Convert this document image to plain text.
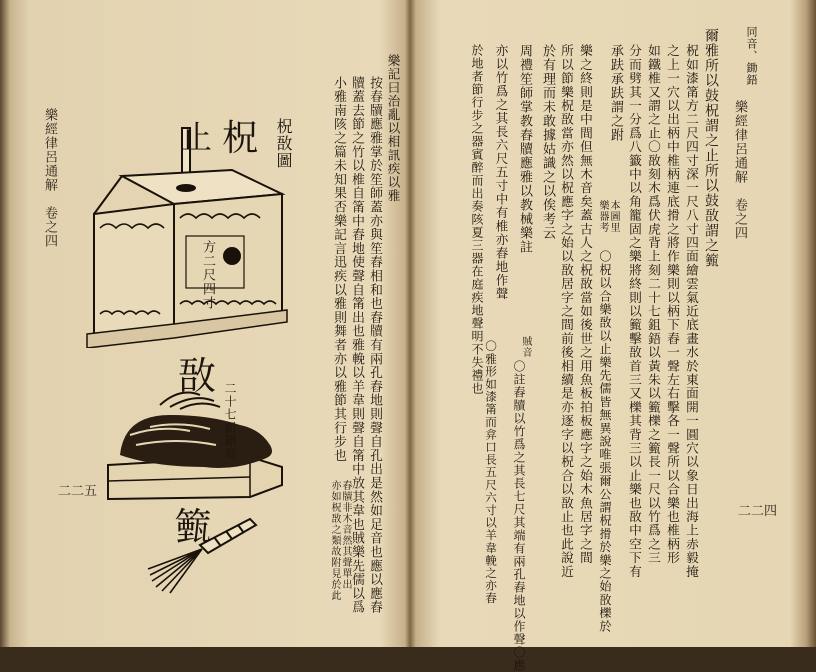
樂經律呂通解　卷之四
二二五
柷敔圖
方二尺四寸
止 柷
敔
籈
二十七鉏鋙刻
樂記曰治亂以相訊疾以雅
按春牘應雅掌於笙師蓋亦與笙舂相和也舂牘有兩孔舂地則聲自孔出是然如足音也應以應舂
牘蓋去節之竹以椎自筩中舂地使聲自筩出也雅輓以羊韋則聲自筩中放其韋也賊樂先儒以爲
小雅南陔之篇未知果否樂記言迅疾以雅則舞者亦以雅節其行步也
舂牘非木音然其聲單出
亦如柷敔之類故附見於此
同音、鋤鋙
樂經律呂通解　卷之四
二二四
爾雅所以鼓柷謂之止所以鼓敔謂之籈
柷如漆筩方二尺四寸深一尺八寸四面繪雲氣近底畫水於東面開一圓穴以象日出海上赤毅掩
之上一穴以出柄中椎柄連底搰之將作樂則以柄下舂一聲左右擊各一聲所以合樂也椎柄形
如鐵椎又謂之止〇敔刻木爲伏虎背上刻二十七鉏鋙以黃朱以籈櫟之籈長一尺以竹爲之三
分而劈其一分爲八籤中以角籠固之樂將終則以籈擊敔首三又櫟其背三以止樂也敔中空下有
承趺承趺謂之跗
本圖里
樂器考
〇柷以合樂敔以止樂先儒皆無異說唯張爾公謂柷搰於樂之始敔櫟於
樂之終則是中間但無木音矣蓋古人之柷敔當如後世之用魚板拍板應字之始木魚居字之間
所以節樂柷敔當亦然以柷應字之始以敔居字之間前後相續是亦逐字以柷合以敔止也此說近
於有理而未敢據姑識之以俟考云
周禮笙師掌教舂牘應雅以教械樂註
賊音
〇註舂牘以竹爲之其長七尺其端有兩孔舂地以作聲〇應
亦以竹爲之其長六尺五寸中有椎亦舂地作聲
〇雅形如漆筩而弇口長五尺六寸以羊韋輓之亦舂
於地者節行步之器賓醉而出奏陔夏三器在庭疾地聲明不失禮也
